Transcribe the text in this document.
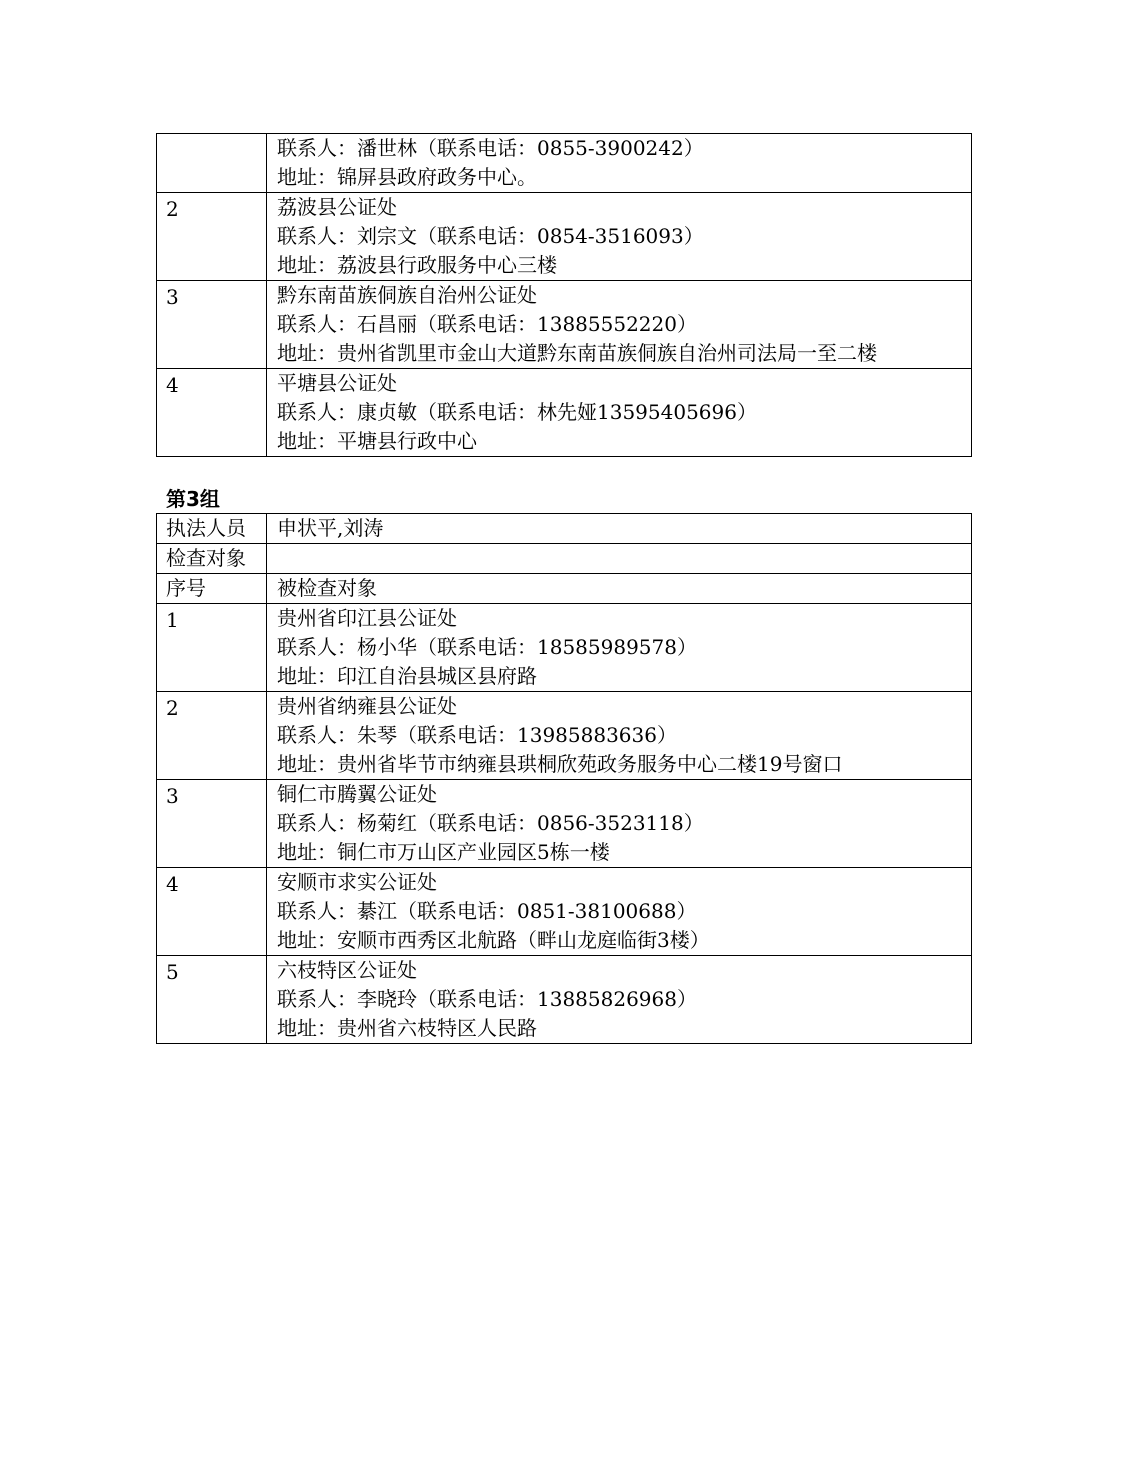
	联系人：潘世林（联系电话：0855-3900242）
地址：锦屏县政府政务中心。

2	荔波县公证处
联系人：刘宗文（联系电话：0854-3516093）
地址：荔波县行政服务中心三楼

3	黔东南苗族侗族自治州公证处
联系人：石昌丽（联系电话：13885552220）
地址：贵州省凯里市金山大道黔东南苗族侗族自治州司法局一至二楼

4	平塘县公证处
联系人：康贞敏（联系电话：林先娅13595405696）
地址：平塘县行政中心

第3组

执法人员	申状平,刘涛
检查对象	
序号	被检查对象
1	贵州省印江县公证处
联系人：杨小华（联系电话：18585989578）
地址：印江自治县城区县府路

2	贵州省纳雍县公证处
联系人：朱琴（联系电话：13985883636）
地址：贵州省毕节市纳雍县珙桐欣苑政务服务中心二楼19号窗口

3	铜仁市腾翼公证处
联系人：杨菊红（联系电话：0856-3523118）
地址：铜仁市万山区产业园区5栋一楼

4	安顺市求实公证处
联系人：綦江（联系电话：0851-38100688）
地址：安顺市西秀区北航路（畔山龙庭临街3楼）

5	六枝特区公证处
联系人：李晓玲（联系电话：13885826968）
地址：贵州省六枝特区人民路
